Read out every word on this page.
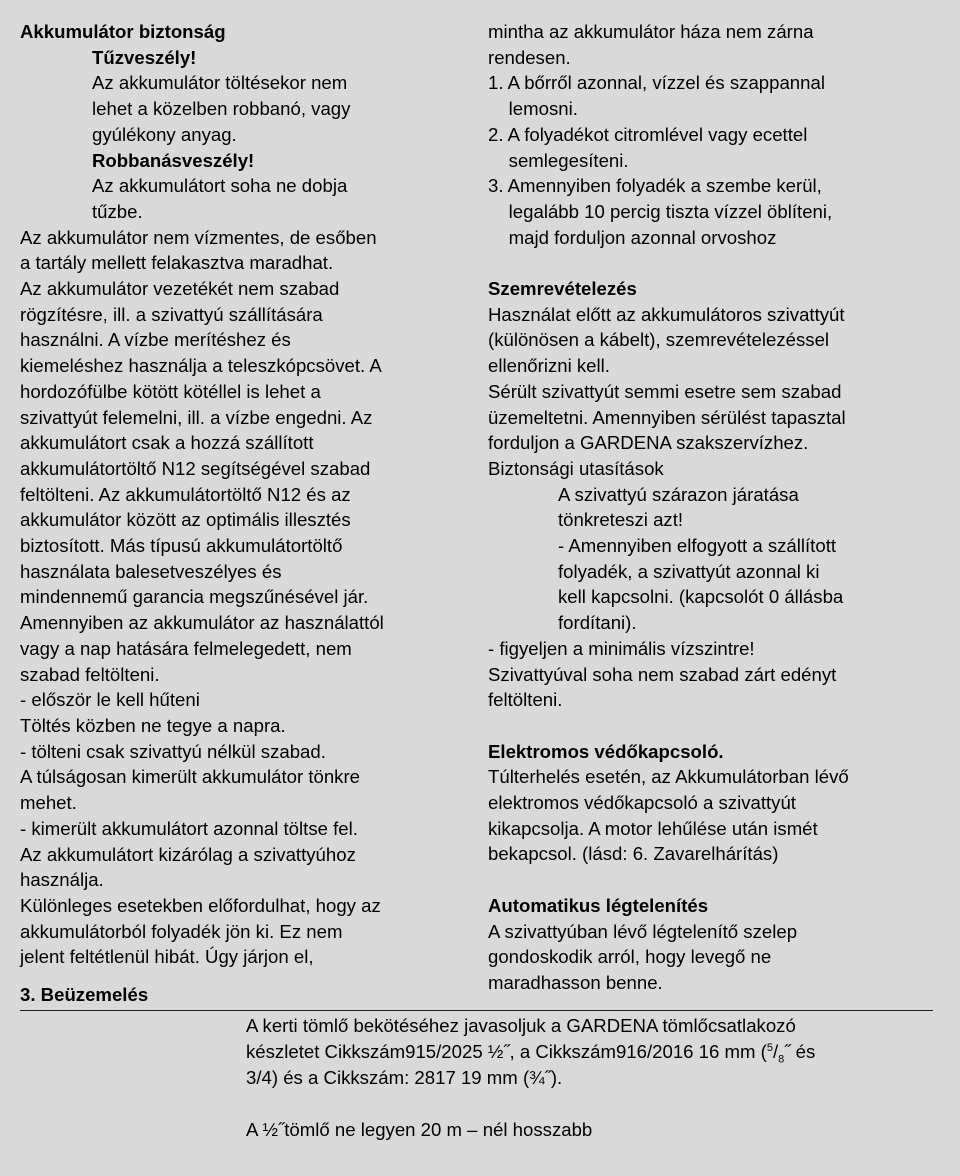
Akkumulátor biztonság
Tűzveszély!
Az akkumulátor töltésekor nem
lehet a közelben robbanó, vagy
gyúlékony anyag.
Robbanásveszély!
Az akkumulátort soha ne dobja
tűzbe.
Az akkumulátor nem vízmentes, de esőben
a tartály mellett felakasztva maradhat.
Az akkumulátor vezetékét nem szabad
rögzítésre, ill. a szivattyú szállítására
használni. A vízbe merítéshez és
kiemeléshez használja a teleszkópcsövet. A
hordozófülbe kötött kötéllel is lehet a
szivattyút felemelni, ill. a vízbe engedni. Az
akkumulátort csak a hozzá szállított
akkumulátortöltő N12 segítségével szabad
feltölteni. Az akkumulátortöltő N12 és az
akkumulátor között az optimális illesztés
biztosított. Más típusú akkumulátortöltő
használata balesetveszélyes és
mindennemű garancia megszűnésével jár.
Amennyiben az akkumulátor az használattól
vagy a nap hatására felmelegedett, nem
szabad feltölteni.
- először le kell hűteni
Töltés közben ne tegye a napra.
- tölteni csak szivattyú nélkül szabad.
A túlságosan kimerült akkumulátor tönkre
mehet.
- kimerült akkumulátort azonnal töltse fel.
Az akkumulátort kizárólag a szivattyúhoz
használja.
Különleges esetekben előfordulhat, hogy az
akkumulátorból folyadék jön ki. Ez nem
jelent feltétlenül hibát. Úgy járjon el,
mintha az akkumulátor háza nem zárna
rendesen.
1. A bőrről azonnal, vízzel és szappannal
lemosni.
2. A folyadékot citromlével vagy ecettel
semlegesíteni.
3. Amennyiben folyadék a szembe kerül,
legalább 10 percig tiszta vízzel öblíteni,
majd forduljon azonnal orvoshoz
Szemrevételezés
Használat előtt az akkumulátoros szivattyút
(különösen a kábelt), szemrevételezéssel
ellenőrizni kell.
Sérült szivattyút semmi esetre sem szabad
üzemeltetni. Amennyiben sérülést tapasztal
forduljon a GARDENA szakszervízhez.
Biztonsági utasítások
A szivattyú szárazon járatása
tönkreteszi azt!
- Amennyiben elfogyott a szállított
folyadék, a szivattyút azonnal ki
kell kapcsolni. (kapcsolót 0 állásba
fordítani).
- figyeljen a minimális vízszintre!
Szivattyúval soha nem szabad zárt edényt
feltölteni.
Elektromos védőkapcsoló.
Túlterhelés esetén, az Akkumulátorban lévő
elektromos védőkapcsoló a szivattyút
kikapcsolja. A motor lehűlése után ismét
bekapcsol. (lásd: 6. Zavarelhárítás)
Automatikus légtelenítés
A szivattyúban lévő légtelenítő szelep
gondoskodik arról, hogy levegő ne
maradhasson benne.
3. Beüzemelés
A kerti tömlő bekötéséhez javasoljuk a GARDENA tömlőcsatlakozó
készletet Cikkszám915/2025 ½˝, a Cikkszám916/2016 16 mm ($^5/_8˝$ és
3/4) és a Cikkszám: 2817 19 mm (¾˝).
A ½˝tömlő ne legyen 20 m – nél hosszabb
